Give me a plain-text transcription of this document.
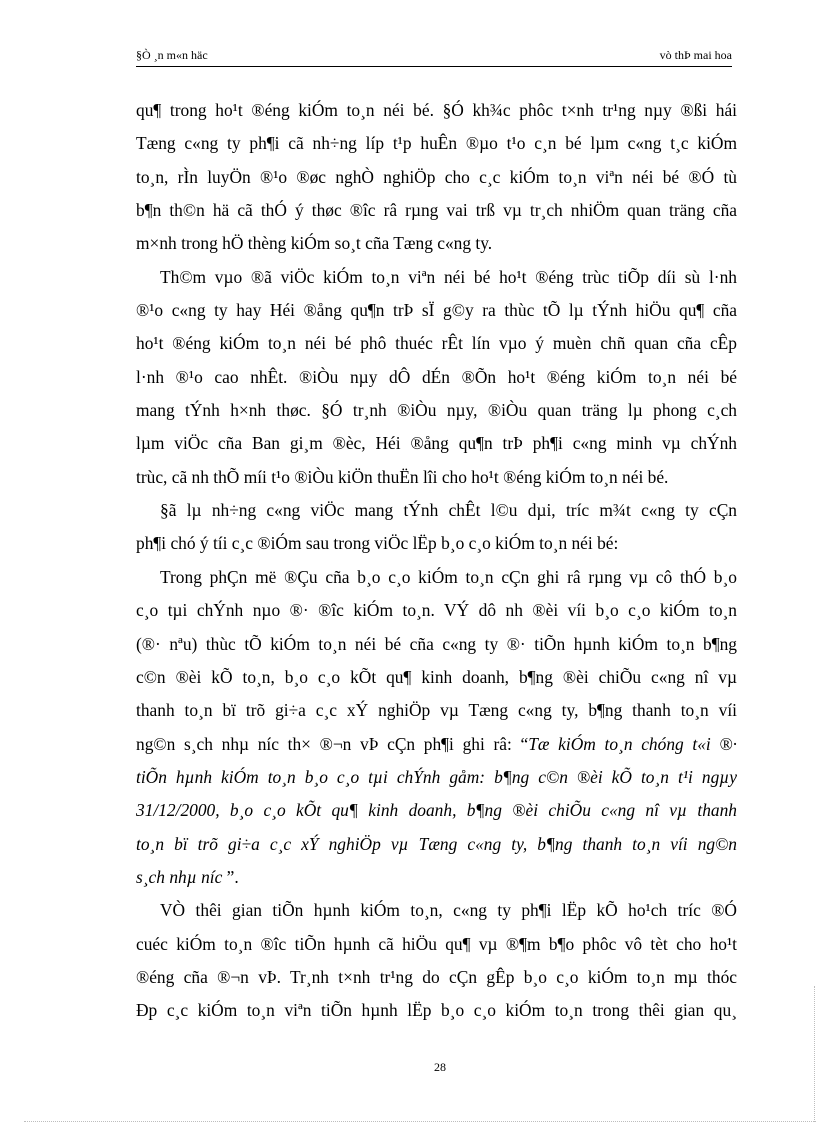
§Ò ¸n m«n häc	vò thÞ mai hoa

qu¶ trong ho¹t ®éng kiÓm to¸n néi bé. §Ó kh¾c phôc t×nh tr¹ng nµy ®ßi hái

Tæng c«ng ty ph¶i cã nh÷ng líp t¹p huÊn ®µo t¹o c¸n bé lµm c«ng t¸c kiÓm

to¸n, rÌn luyÖn ®¹o ®øc nghÒ nghiÖp cho c¸c kiÓm to¸n viªn néi bé ®Ó tù

b¶n th©n hä cã thÓ ý thøc ®îc râ rµng vai trß vµ tr¸ch nhiÖm quan träng cña

m×nh trong hÖ thèng kiÓm so¸t cña Tæng c«ng ty.

Th©m vµo ®ã viÖc kiÓm to¸n viªn néi bé ho¹t ®éng trùc tiÕp díi sù l·nh

®¹o c«ng ty hay Héi ®ång qu¶n trÞ sÏ g©y ra thùc tÕ lµ tÝnh hiÖu qu¶ cña

ho¹t ®éng kiÓm to¸n néi bé phô thuéc rÊt lín vµo ý muèn chñ quan cña cÊp

l·nh ®¹o cao nhÊt. ®iÒu nµy dÔ dÉn ®Õn ho¹t ®éng kiÓm to¸n néi bé

mang tÝnh h×nh thøc. §Ó tr¸nh ®iÒu nµy, ®iÒu quan träng lµ phong c¸ch

lµm viÖc cña Ban gi¸m ®èc, Héi ®ång qu¶n trÞ ph¶i c«ng minh vµ chÝnh

trùc, cã nh thÕ míi t¹o ®iÒu kiÖn thuËn lîi cho ho¹t ®éng kiÓm to¸n néi bé.

§ã lµ nh÷ng c«ng viÖc mang tÝnh chÊt l©u dµi, tríc m¾t c«ng ty cÇn

ph¶i chó ý tíi c¸c ®iÓm sau trong viÖc lËp b¸o c¸o kiÓm to¸n néi bé:

Trong phÇn më ®Çu cña b¸o c¸o kiÓm to¸n cÇn ghi râ rµng vµ cô thÓ b¸o

c¸o tµi chÝnh nµo ®· ®îc kiÓm to¸n. VÝ dô nh ®èi víi b¸o c¸o kiÓm to¸n

(®· nªu) thùc tÕ kiÓm to¸n néi bé cña c«ng ty ®· tiÕn hµnh kiÓm to¸n b¶ng

c©n ®èi kÕ to¸n, b¸o c¸o kÕt qu¶ kinh doanh, b¶ng ®èi chiÕu c«ng nî vµ

thanh to¸n bï trõ gi÷a c¸c xÝ nghiÖp vµ Tæng c«ng ty, b¶ng thanh to¸n víi

ng©n s¸ch nhµ níc th× ®¬n vÞ cÇn ph¶i ghi râ: “Tæ kiÓm to¸n chóng t«i ®·

tiÕn hµnh kiÓm to¸n b¸o c¸o tµi chÝnh gåm: b¶ng c©n ®èi kÕ to¸n t¹i ngµy

31/12/2000, b¸o c¸o kÕt qu¶ kinh doanh, b¶ng ®èi chiÕu c«ng nî vµ thanh

to¸n bï trõ gi÷a c¸c xÝ nghiÖp vµ Tæng c«ng ty, b¶ng thanh to¸n víi ng©n

s¸ch nhµ níc ”.

VÒ thêi gian tiÕn hµnh kiÓm to¸n, c«ng ty ph¶i lËp kÕ ho¹ch tríc ®Ó

cuéc kiÓm to¸n ®îc tiÕn hµnh cã hiÖu qu¶ vµ ®¶m b¶o phôc vô tèt cho ho¹t

®éng cña ®¬n vÞ. Tr¸nh t×nh tr¹ng do cÇn gÊp b¸o c¸o kiÓm to¸n mµ thóc

Ðp c¸c kiÓm to¸n viªn tiÕn hµnh lËp b¸o c¸o kiÓm to¸n trong thêi gian qu¸

28
